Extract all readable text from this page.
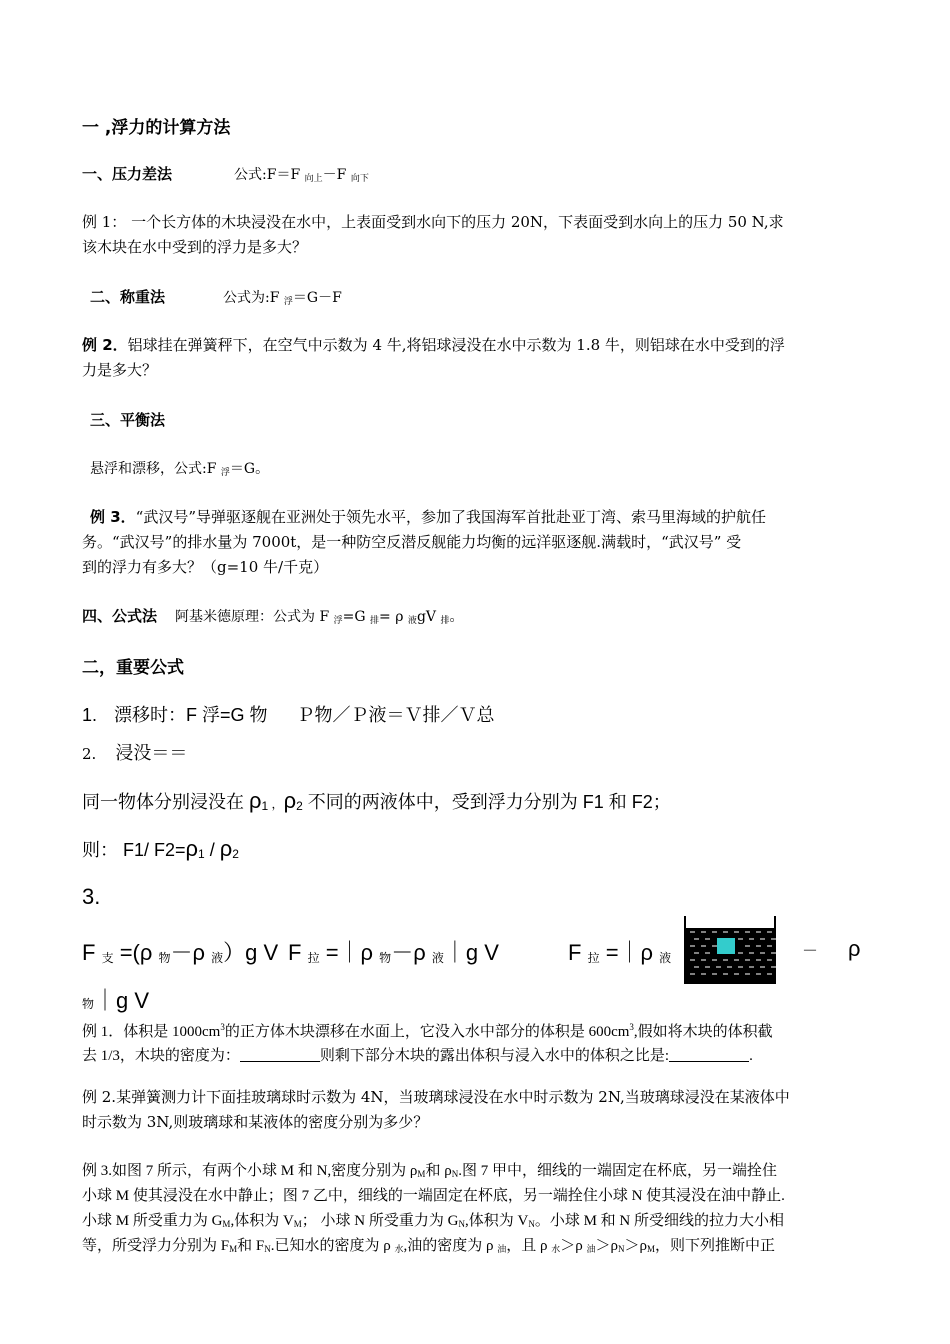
一 ,浮力的计算方法
一、压力差法	公式:F＝F $_{向上}$－F $_{向下}$
例 1： 一个长方体的木块浸没在水中，上表面受到水向下的压力 20N，下表面受到水向上的压力 50 N,求
该木块在水中受到的浮力是多大？
二、称重法	公式为:F $_浮$＝G－F
例 2．铝球挂在弹簧秤下，在空气中示数为 4 牛,将铝球浸没在水中示数为 1.8 牛，则铝球在水中受到的浮
力是多大？
三、平衡法
悬浮和漂移，公式:F $_浮$＝G。
例 3．“武汉号”导弹驱逐舰在亚洲处于领先水平，参加了我国海军首批赴亚丁湾、索马里海域的护航任
务。“武汉号”的排水量为 7000t，是一种防空反潜反舰能力均衡的远洋驱逐舰.满载时，“武汉号” 受
到的浮力有多大？（g=10 牛/千克）
四、公式法 阿基米德原理：公式为 F $_浮$=G $_排$= ρ $_液$gV $_排$。
二，重要公式
1. 漂移时：F 浮=G 物 Ｐ物／Ｐ液＝Ｖ排／Ｖ总
2. 浸没＝＝
同一物体分别浸没在 ρ1 ，ρ2 不同的两液体中，受到浮力分别为 F1 和 F2；
则： F1/ F2=ρ1 / ρ2
3.
F 支 =(ρ 物－ρ 液）g V F 拉 =｜ρ 物－ρ 液｜g V	F 拉 =｜ρ 液	－ ρ
物｜g V
例 1．体积是 $1000cm^3$的正方体木块漂移在水面上，它没入水中部分的体积是 $600cm^3$,假如将木块的体积截
去 1/3，木块的密度为：	则剩下部分木块的露出体积与浸入水中的体积之比是:	.
例 2.某弹簧测力计下面挂玻璃球时示数为 4N，当玻璃球浸没在水中时示数为 2N,当玻璃球浸没在某液体中
时示数为 3N,则玻璃球和某液体的密度分别为多少？
例 3.如图 7 所示，有两个小球 M 和 N,密度分别为 $\rho_M$和 $\rho_N$.图 7 甲中，细线的一端固定在杯底，另一端拴住
小球 M 使其浸没在水中静止；图 7 乙中，细线的一端固定在杯底，另一端拴住小球 N 使其浸没在油中静止.
小球 M 所受重力为 $G_M$,体积为 $V_M$； 小球 N 所受重力为 $G_N$,体积为 $V_N$。小球 M 和 N 所受细线的拉力大小相
等，所受浮力分别为 $F_M$和 $F_N$.已知水的密度为 ρ $_水$,油的密度为 ρ $_油$，且 ρ $_水$＞ρ $_油>\rho_N>\rho_M$，则下列推断中正
